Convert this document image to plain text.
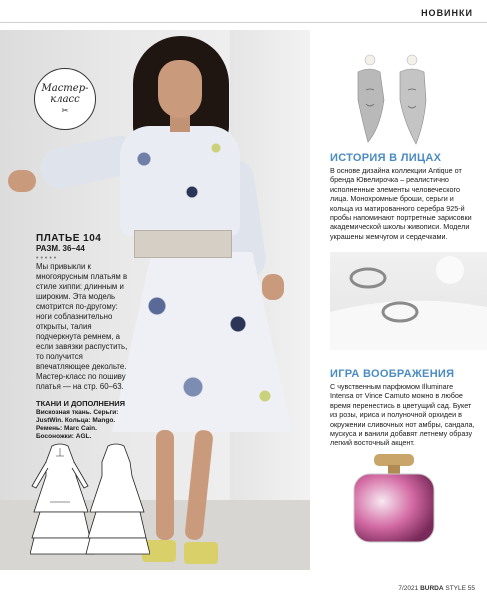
НОВИНКИ
Мастер-
класс
✂
ПЛАТЬЕ 104
РАЗМ. 36–44
•••••
Мы привыкли к многоярусным платьям в стиле хиппи: длинным и широким. Эта модель смотрится по-другому: ноги соблазнительно открыты, талия подчеркнута ремнем, а если завязки распустить, то получится впечатляющее декольте. Мастер-класс по пошиву платья — на стр. 60–63.
ТКАНИ И ДОПОЛНЕНИЯ
Вискозная ткань. Серьги: JustWin. Кольца: Mango. Ремень: Marc Cain. Босоножки: AGL.
ИСТОРИЯ В ЛИЦАХ
В основе дизайна коллекции Antique от бренда Ювелирочка – реалистично исполненные элементы человеческого лица. Монохромные броши, серьги и кольца из матированного серебра 925-й пробы напоминают портретные зарисовки академической школы живописи. Модели украшены жемчугом и сердечками.
ИГРА ВООБРАЖЕНИЯ
С чувственным парфюмом Illuminare Intensa от Vince Camuto можно в любое время перенестись в цветущий сад. Букет из розы, ириса и полуночной орхидеи в окружении сливочных нот амбры, сандала, мускуса и ванили добавят летнему образу легкий восточный акцент.
7/2021 BURDA STYLE 55
